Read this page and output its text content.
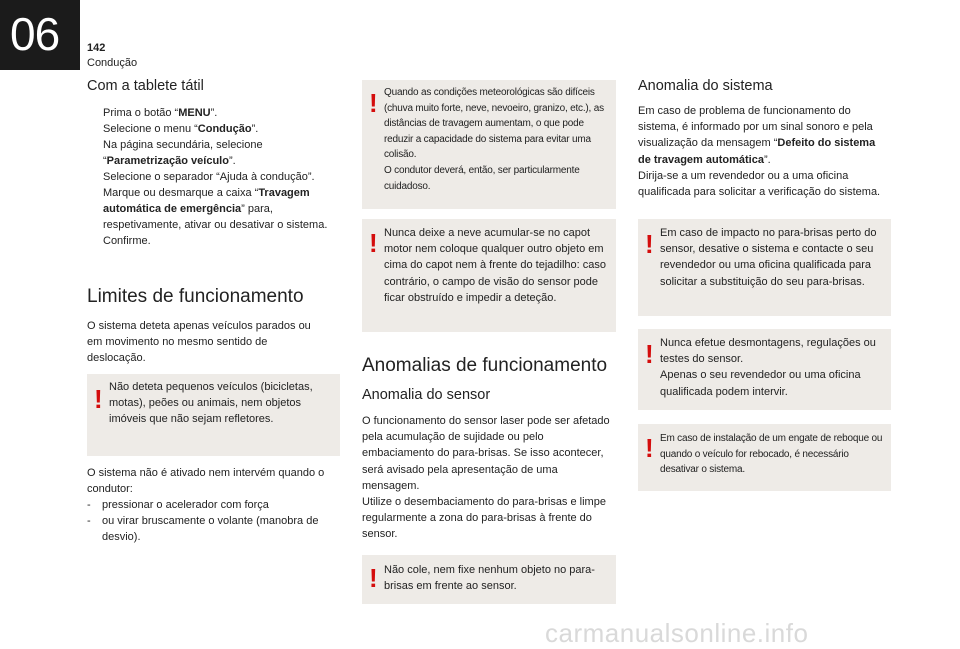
06	142
Condução
Com a tablete tátil
Prima o botão “MENU”.
Selecione o menu “Condução”.
Na página secundária, selecione “Parametrização veículo”.
Selecione o separador “Ajuda à condução”.
Marque ou desmarque a caixa “Travagem automática de emergência” para, respetivamente, ativar ou desativar o sistema.
Confirme.
Limites de funcionamento

O sistema deteta apenas veículos parados ou em movimento no mesmo sentido de deslocação.

! Não deteta pequenos veículos (bicicletas, motas), peões ou animais, nem objetos imóveis que não sejam refletores.

O sistema não é ativado nem intervém quando o condutor:

- pressionar o acelerador com força
- ou virar bruscamente o volante (manobra de desvio).
! Quando as condições meteorológicas são difíceis (chuva muito forte, neve, nevoeiro, granizo, etc.), as distâncias de travagem aumentam, o que pode reduzir a capacidade do sistema para evitar uma colisão.
O condutor deverá, então, ser particularmente cuidadoso.

! Nunca deixe a neve acumular-se no capot motor nem coloque qualquer outro objeto em cima do capot nem à frente do tejadilho: caso contrário, o campo de visão do sensor pode ficar obstruído e impedir a deteção.

Anomalias de funcionamento
Anomalia do sensor

O funcionamento do sensor laser pode ser afetado pela acumulação de sujidade ou pelo embaciamento do para-brisas. Se isso acontecer, será avisado pela apresentação de uma mensagem.
Utilize o desembaciamento do para-brisas e limpe regularmente a zona do para-brisas à frente do sensor.

! Não cole, nem fixe nenhum objeto no para-brisas em frente ao sensor.

Anomalia do sistema

Em caso de problema de funcionamento do sistema, é informado por um sinal sonoro e pela visualização da mensagem “Defeito do sistema de travagem automática”.
Dirija-se a um revendedor ou a uma oficina qualificada para solicitar a verificação do sistema.

! Em caso de impacto no para-brisas perto do sensor, desative o sistema e contacte o seu revendedor ou uma oficina qualificada para solicitar a substituição do seu para-brisas.

! Nunca efetue desmontagens, regulações ou testes do sensor.
Apenas o seu revendedor ou uma oficina qualificada podem intervir.

! Em caso de instalação de um engate de reboque ou quando o veículo for rebocado, é necessário desativar o sistema.

carmanualsonline.info
